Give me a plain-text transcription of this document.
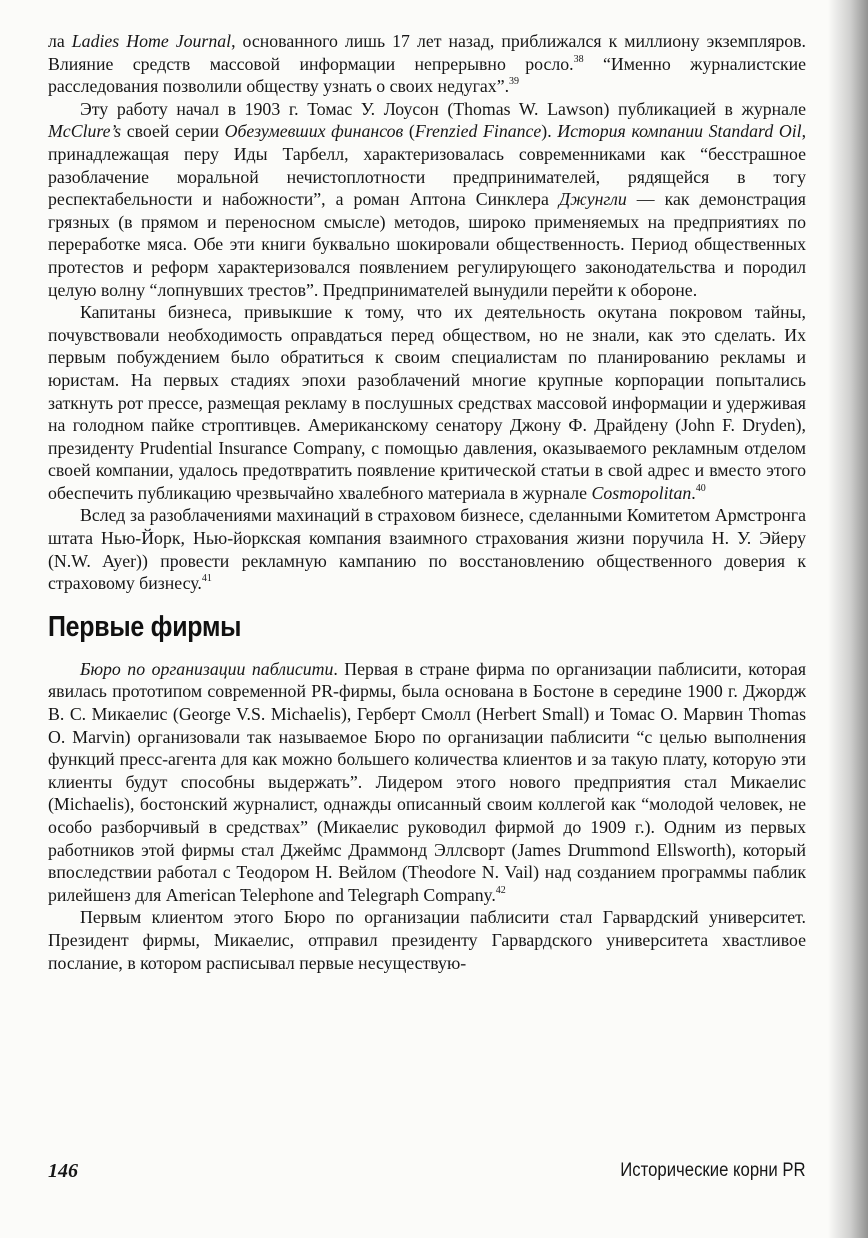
ла Ladies Home Journal, основанного лишь 17 лет назад, приближался к миллиону экземпляров. Влияние средств массовой информации непрерывно росло.$^{38}$ “Именно журналистские расследования позволили обществу узнать о своих недугах”.$^{39}$

Эту работу начал в 1903 г. Томас У. Лоусон (Thomas W. Lawson) публикацией в журнале McClure’s своей серии Обезумевших финансов (Frenzied Finance). История компании Standard Oil, принадлежащая перу Иды Тарбелл, характеризовалась современниками как “бесстрашное разоблачение моральной нечистоплотности предпринимателей, рядящейся в тогу респектабельности и набожности”, а роман Аптона Синклера Джунгли — как демонстрация грязных (в прямом и переносном смысле) методов, широко применяемых на предприятиях по переработке мяса. Обе эти книги буквально шокировали общественность. Период общественных протестов и реформ характеризовался появлением регулирующего законодательства и породил целую волну “лопнувших трестов”. Предпринимателей вынудили перейти к обороне.

Капитаны бизнеса, привыкшие к тому, что их деятельность окутана покровом тайны, почувствовали необходимость оправдаться перед обществом, но не знали, как это сделать. Их первым побуждением было обратиться к своим специалистам по планированию рекламы и юристам. На первых стадиях эпохи разоблачений многие крупные корпорации попытались заткнуть рот прессе, размещая рекламу в послушных средствах массовой информации и удерживая на голодном пайке строптивцев. Американскому сенатору Джону Ф. Драйдену (John F. Dryden), президенту Prudential Insurance Company, с помощью давления, оказываемого рекламным отделом своей компании, удалось предотвратить появление критической статьи в свой адрес и вместо этого обеспечить публикацию чрезвычайно хвалебного материала в журнале Cosmopolitan.$^{40}$

Вслед за разоблачениями махинаций в страховом бизнесе, сделанными Комитетом Армстронга штата Нью-Йорк, Нью-йоркская компания взаимного страхования жизни поручила Н. У. Эйеру (N.W. Ayer)) провести рекламную кампанию по восстановлению общественного доверия к страховому бизнесу.$^{41}$

Первые фирмы

Бюро по организации паблисити. Первая в стране фирма по организации паблисити, которая явилась прототипом современной PR-фирмы, была основана в Бостоне в середине 1900 г. Джордж В. С. Микаелис (George V.S. Michaelis), Герберт Смолл (Herbert Small) и Томас О. Марвин Thomas O. Marvin) организовали так называемое Бюро по организации паблисити “с целью выполнения функций пресс-агента для как можно большего количества клиентов и за такую плату, которую эти клиенты будут способны выдержать”. Лидером этого нового предприятия стал Микаелис (Michaelis), бостонский журналист, однажды описанный своим коллегой как “молодой человек, не особо разборчивый в средствах” (Микаелис руководил фирмой до 1909 г.). Одним из первых работников этой фирмы стал Джеймс Драммонд Эллсворт (James Drummond Ellsworth), который впоследствии работал с Теодором Н. Вейлом (Theodore N. Vail) над созданием программы паблик рилейшенз для American Telephone and Telegraph Company.$^{42}$

Первым клиентом этого Бюро по организации паблисити стал Гарвардский университет. Президент фирмы, Микаелис, отправил президенту Гарвардского университета хвастливое послание, в котором расписывал первые несуществую-

146	Исторические корни PR
